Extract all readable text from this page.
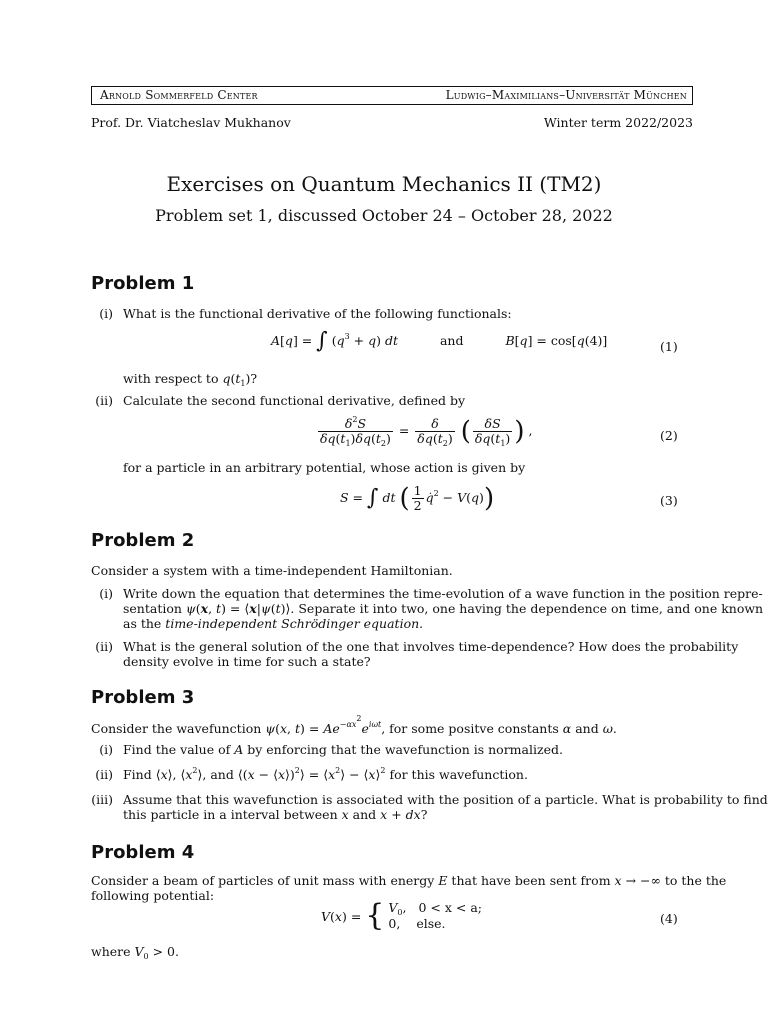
Arnold Sommerfeld Center	Ludwig–Maximilians–Universität München
Prof. Dr. Viatcheslav Mukhanov	Winter term 2022/2023
Exercises on Quantum Mechanics II (TM2)
Problem set 1, discussed October 24 – October 28, 2022
Problem 1
(i) What is the functional derivative of the following functionals:
A[q] = ∫ $(q^3 + q)$ dt	and	B[q] = cos[q(4)]	(1)
with respect to $q(t_1)$?
(ii) Calculate the second functional derivative, defined by
$\frac{\delta^2S}{\delta q(t_1)\delta q(t_2)} = \frac{\delta}{\delta q(t_2)}$ ( $\frac{\delta S}{\delta q(t_1)}$ ) ,	(2)
for a particle in an arbitrary potential, whose action is given by
S = ∫ dt ( $\frac{1}{2}$ q̇$^2$ − V(q))	(3)
Problem 2
Consider a system with a time-independent Hamiltonian.
(i) Write down the equation that determines the time-evolution of a wave function in the position repre-
sentation ψ(x, t) = ⟨x|ψ(t)⟩. Separate it into two, one having the dependence on time, and one known
as the time-independent Schrödinger equation.
(ii) What is the general solution of the one that involves time-dependence? How does the probability
density evolve in time for such a state?
Problem 3
Consider the wavefunction ψ(x, $t) = Ae^{-\alpha x^2}e^{i\omega t}$, for some positve constants α and ω.
(i) Find the value of A by enforcing that the wavefunction is normalized.
(ii) Find ⟨x⟩, $⟨x^2⟩$, and ⟨(x − ⟨x⟩)$^2$⟩ = $⟨x^2⟩$ − ⟨x⟩$^2$ for this wavefunction.
(iii) Assume that this wavefunction is associated with the position of a particle. What is probability to find
this particle in a interval between x and x + dx?
Problem 4
Consider a beam of particles of unit mass with energy E that have been sent from x → −∞ to the the
following potential:
V(x) = { $V_0$, 0 < x < a;
0, else.	(4)
where $V_0 > 0$.
